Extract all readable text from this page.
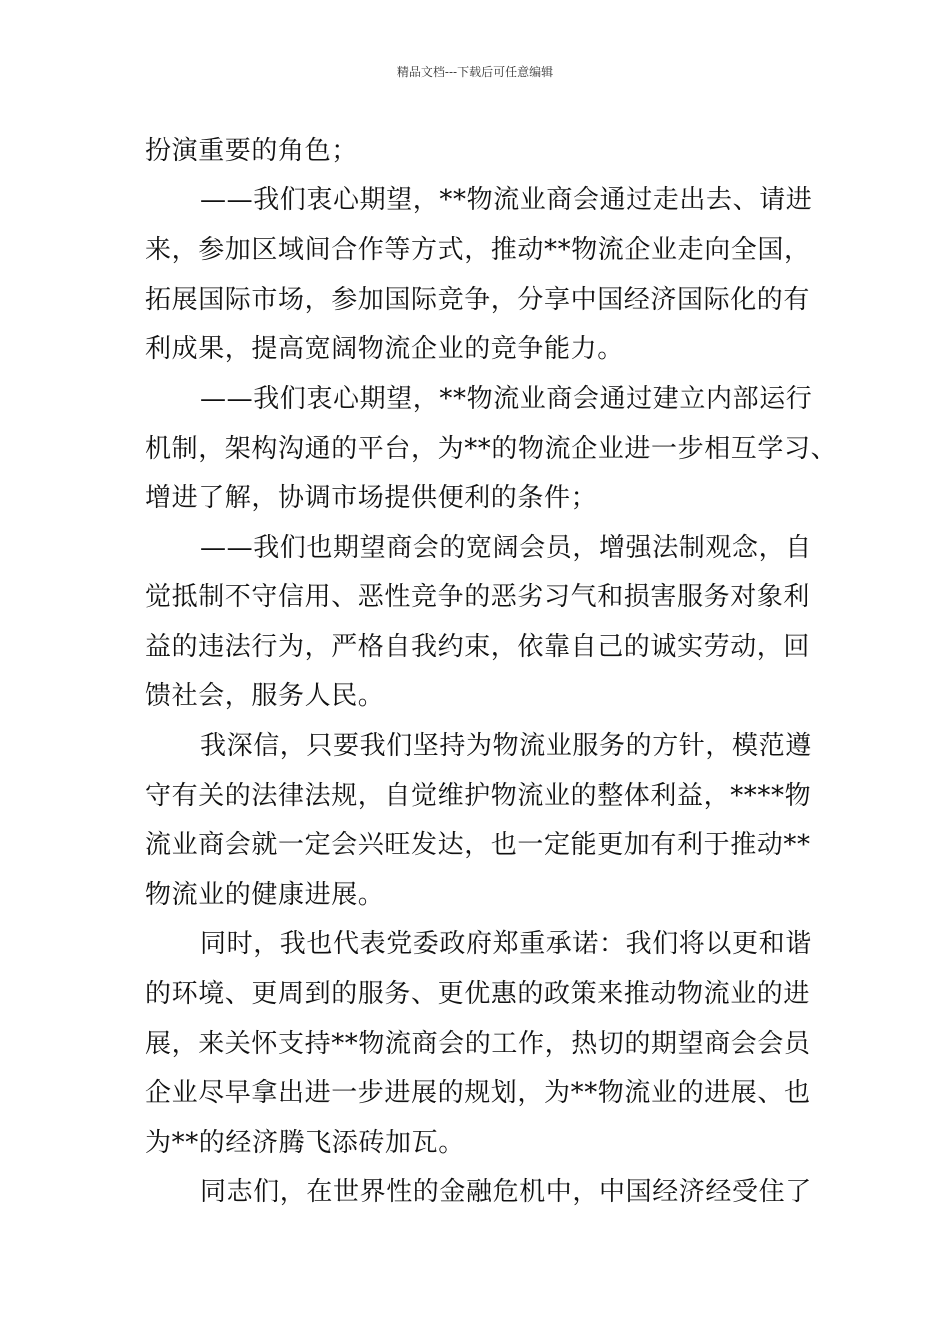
精品文档---下载后可任意编辑
扮演重要的角色；
——我们衷心期望，**物流业商会通过走出去、请进
来，参加区域间合作等方式，推动**物流企业走向全国，
拓展国际市场，参加国际竞争，分享中国经济国际化的有
利成果，提高宽阔物流企业的竞争能力。
——我们衷心期望，**物流业商会通过建立内部运行
机制，架构沟通的平台，为**的物流企业进一步相互学习、
增进了解，协调市场提供便利的条件；
——我们也期望商会的宽阔会员，增强法制观念，自
觉抵制不守信用、恶性竞争的恶劣习气和损害服务对象利
益的违法行为，严格自我约束，依靠自己的诚实劳动，回
馈社会，服务人民。
我深信，只要我们坚持为物流业服务的方针，模范遵
守有关的法律法规，自觉维护物流业的整体利益，****物
流业商会就一定会兴旺发达，也一定能更加有利于推动**
物流业的健康进展。
同时，我也代表党委政府郑重承诺：我们将以更和谐
的环境、更周到的服务、更优惠的政策来推动物流业的进
展，来关怀支持**物流商会的工作，热切的期望商会会员
企业尽早拿出进一步进展的规划，为**物流业的进展、也
为**的经济腾飞添砖加瓦。
同志们，在世界性的金融危机中，中国经济经受住了
